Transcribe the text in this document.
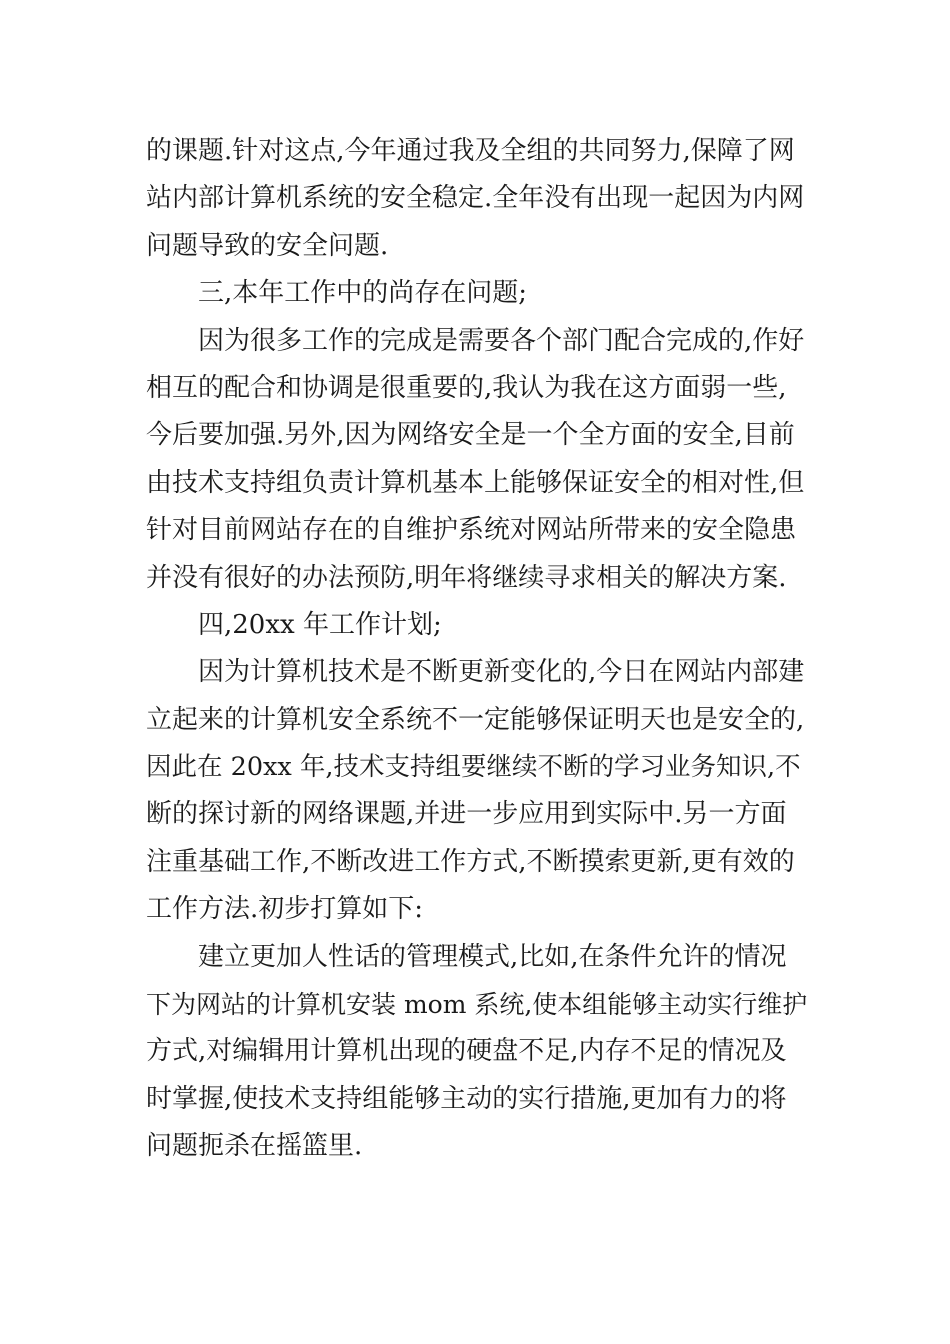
的课题.针对这点,今年通过我及全组的共同努力,保障了网
站内部计算机系统的安全稳定.全年没有出现一起因为内网
问题导致的安全问题.
三,本年工作中的尚存在问题;
因为很多工作的完成是需要各个部门配合完成的,作好
相互的配合和协调是很重要的,我认为我在这方面弱一些,
今后要加强.另外,因为网络安全是一个全方面的安全,目前
由技术支持组负责计算机基本上能够保证安全的相对性,但
针对目前网站存在的自维护系统对网站所带来的安全隐患
并没有很好的办法预防,明年将继续寻求相关的解决方案.
四,20xx 年工作计划;
因为计算机技术是不断更新变化的,今日在网站内部建
立起来的计算机安全系统不一定能够保证明天也是安全的,
因此在 20xx 年,技术支持组要继续不断的学习业务知识,不
断的探讨新的网络课题,并进一步应用到实际中.另一方面
注重基础工作,不断改进工作方式,不断摸索更新,更有效的
工作方法.初步打算如下:
建立更加人性话的管理模式,比如,在条件允许的情况
下为网站的计算机安装 mom 系统,使本组能够主动实行维护
方式,对编辑用计算机出现的硬盘不足,内存不足的情况及
时掌握,使技术支持组能够主动的实行措施,更加有力的将
问题扼杀在摇篮里.
